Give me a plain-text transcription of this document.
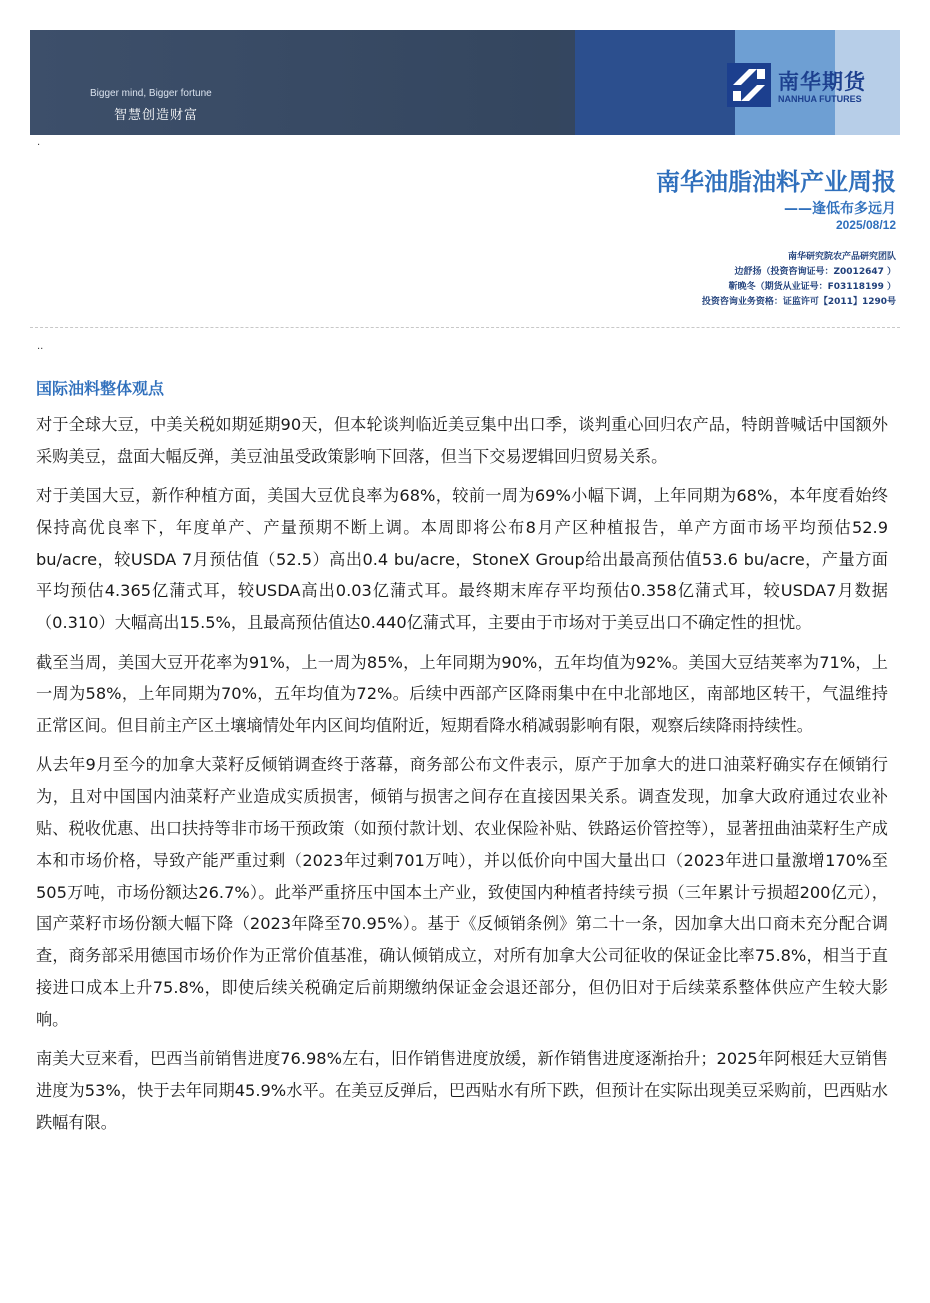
Bigger mind, Bigger fortune
智慧创造财富
南华期货
NANHUA FUTURES
·
南华油脂油料产业周报
——逢低布多远月
2025/08/12
南华研究院农产品研究团队
边舒扬（投资咨询证号：Z0012647 ）
靳晚冬（期货从业证号：F03118199 ）
投资咨询业务资格：证监许可【2011】1290号
··
国际油料整体观点

对于全球大豆，中美关税如期延期90天，但本轮谈判临近美豆集中出口季，谈判重心回归农产品，特朗普喊话中国额外采购美豆，盘面大幅反弹，美豆油虽受政策影响下回落，但当下交易逻辑回归贸易关系。

对于美国大豆，新作种植方面，美国大豆优良率为68%，较前一周为69%小幅下调，上年同期为68%，本年度看始终保持高优良率下，年度单产、产量预期不断上调。本周即将公布8月产区种植报告，单产方面市场平均预估52.9 bu/acre，较USDA 7月预估值（52.5）高出0.4 bu/acre，StoneX Group给出最高预估值53.6 bu/acre，产量方面平均预估4.365亿蒲式耳，较USDA高出0.03亿蒲式耳。最终期末库存平均预估0.358亿蒲式耳，较USDA7月数据（0.310）大幅高出15.5%，且最高预估值达0.440亿蒲式耳，主要由于市场对于美豆出口不确定性的担忧。

截至当周，美国大豆开花率为91%，上一周为85%，上年同期为90%，五年均值为92%。美国大豆结荚率为71%，上一周为58%，上年同期为70%，五年均值为72%。后续中西部产区降雨集中在中北部地区，南部地区转干，气温维持正常区间。但目前主产区土壤墒情处年内区间均值附近，短期看降水稍减弱影响有限，观察后续降雨持续性。

从去年9月至今的加拿大菜籽反倾销调查终于落幕，商务部公布文件表示，原产于加拿大的进口油菜籽确实存在倾销行为，且对中国国内油菜籽产业造成实质损害，倾销与损害之间存在直接因果关系。调查发现，加拿大政府通过农业补贴、税收优惠、出口扶持等非市场干预政策（如预付款计划、农业保险补贴、铁路运价管控等），显著扭曲油菜籽生产成本和市场价格，导致产能严重过剩（2023年过剩701万吨），并以低价向中国大量出口（2023年进口量激增170%至505万吨，市场份额达26.7%）。此举严重挤压中国本土产业，致使国内种植者持续亏损（三年累计亏损超200亿元），国产菜籽市场份额大幅下降（2023年降至70.95%）。基于《反倾销条例》第二十一条，因加拿大出口商未充分配合调查，商务部采用德国市场价作为正常价值基准，确认倾销成立，对所有加拿大公司征收的保证金比率75.8%，相当于直接进口成本上升75.8%，即使后续关税确定后前期缴纳保证金会退还部分，但仍旧对于后续菜系整体供应产生较大影响。

南美大豆来看，巴西当前销售进度76.98%左右，旧作销售进度放缓，新作销售进度逐渐抬升；2025年阿根廷大豆销售进度为53%，快于去年同期45.9%水平。在美豆反弹后，巴西贴水有所下跌，但预计在实际出现美豆采购前，巴西贴水跌幅有限。
